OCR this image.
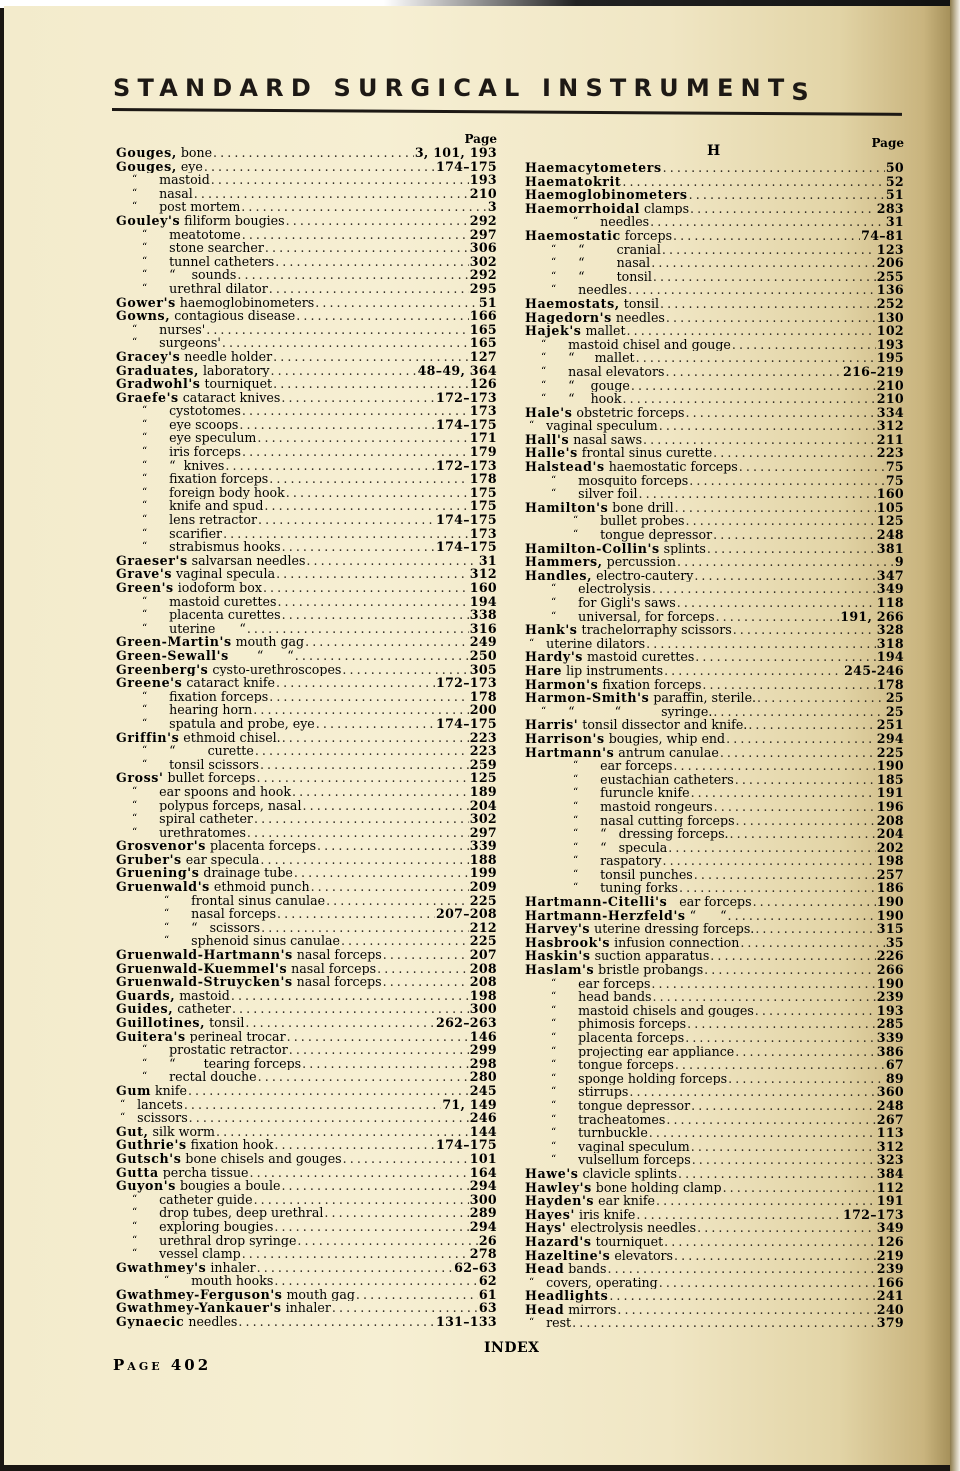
STANDARD SURGICAL INSTRUMENTS
Page
Gouges, bone .....	3, 101, 193
Gouges, eye .....	174–175
“ mastoid .....	193
“ nasal .....	210
“ post mortem .....	3
Gouley's filiform bougies .....	292
“ meatotome .....	297
“ stone searcher .....	306
“ tunnel catheters .....	302
“ “    sounds .....	292
“ urethral dilator .....	295
Gower's haemoglobinometers .....	51
Gowns, contagious disease .....	166
“ nurses' .....	165
“ surgeons' .....	165
Gracey's needle holder .....	127
Graduates, laboratory .....	48–49, 364
Gradwohl's tourniquet .....	126
Graefe's cataract knives .....	172–173
“ cystotomes .....	173
“ eye scoops .....	174–175
“ eye speculum .....	171
“ iris forceps .....	179
“ “  knives .....	172–173
“ fixation forceps .....	178
“ foreign body hook .....	175
“ knife and spud .....	175
“ lens retractor .....	174–175
“ scarifier .....	173
“ strabismus hooks .....	174–175
Graeser's salvarsan needles .....	31
Grave's vaginal specula .....	312
Green's iodoform box .....	160
“ mastoid curettes .....	194
“ placenta curettes .....	338
“ uterine      “ .....	316
Green-Martin's mouth gag .....	249
Green-Sewall's       “      “ .....	250
Greenberg's cysto-urethroscopes .....	305
Greene's cataract knife .....	172–173
“ fixation forceps .....	178
“ hearing horn .....	200
“ spatula and probe, eye .....	174–175
Griffin's ethmoid chisel. .....	223
“ “        curette .....	223
“ tonsil scissors .....	259
Gross' bullet forceps .....	125
“ ear spoons and hook .....	189
“ polypus forceps, nasal .....	204
“ spiral catheter .....	302
“ urethratomes .....	297
Grosvenor's placenta forceps .....	339
Gruber's ear specula .....	188
Gruening's drainage tube .....	199
Gruenwald's ethmoid punch .....	209
“ frontal sinus canulae .....	225
“ nasal forceps .....	207–208
“ “   scissors .....	212
“ sphenoid sinus canulae .....	225
Gruenwald-Hartmann's nasal forceps .....	207
Gruenwald-Kuemmel's nasal forceps .....	208
Gruenwald-Struycken's nasal forceps .....	208
Guards, mastoid .....	198
Guides, catheter .....	300
Guillotines, tonsil .....	262–263
Guitera's perineal trocar .....	146
“ prostatic retractor .....	299
“ “       tearing forceps .....	298
“ rectal douche .....	280
Gum knife .....	245
“ lancets .....	71, 149
“ scissors .....	246
Gut, silk worm .....	144
Guthrie's fixation hook .....	174–175
Gutsch's bone chisels and gouges .....	101
Gutta percha tissue .....	164
Guyon's bougies a boule .....	294
“ catheter guide .....	300
“ drop tubes, deep urethral .....	289
“ exploring bougies .....	294
“ urethral drop syringe .....	26
“ vessel clamp .....	278
Gwathmey's inhaler .....	62–63
“ mouth hooks .....	62
Gwathmey-Ferguson's mouth gag .....	61
Gwathmey-Yankauer's inhaler .....	63
Gynaecic needles .....	131–133
H	Page
Haemacytometers .....	50
Haematokrit .....	52
Haemoglobinometers .....	51
Haemorrhoidal clamps .....	283
“ needles .....	31
Haemostatic forceps .....	74–81
“ “        cranial .....	123
“ “        nasal .....	206
“ “        tonsil .....	255
“ needles .....	136
Haemostats, tonsil .....	252
Hagedorn's needles .....	130
Hajek's mallet .....	102
“ mastoid chisel and gouge .....	193
“ “     mallet .....	195
“ nasal elevators .....	216–219
“ “    gouge .....	210
“ “    hook .....	210
Hale's obstetric forceps .....	334
“ vaginal speculum .....	312
Hall's nasal saws .....	211
Halle's frontal sinus curette .....	223
Halstead's haemostatic forceps .....	75
“ mosquito forceps .....	75
“ silver foil .....	160
Hamilton's bone drill .....	105
“ bullet probes .....	125
“ tongue depressor .....	248
Hamilton-Collin's splints .....	381
Hammers, percussion .....	9
Handles, electro-cautery .....	347
“ electrolysis .....	349
“ for Gigli's saws .....	118
“ universal, for forceps .....	191, 266
Hank's trachelorraphy scissors .....	328
“ uterine dilators .....	318
Hardy's mastoid curettes .....	194
Hare lip instruments .....	245-246
Harmon's fixation forceps .....	178
Harmon-Smith's paraffin, sterile. .....	25
“ “          “          syringe. .....	25
Harris' tonsil dissector and knife. .....	251
Harrison's bougies, whip end .....	294
Hartmann's antrum canulae .....	225
“ ear forceps .....	190
“ eustachian catheters .....	185
“ furuncle knife .....	191
“ mastoid rongeurs .....	196
“ nasal cutting forceps .....	208
“ “   dressing forceps. .....	204
“ “   specula .....	202
“ raspatory .....	198
“ tonsil punches .....	257
“ tuning forks .....	186
Hartmann-Citelli's   ear forceps .....	190
Hartmann-Herzfeld's “      “ .....	190
Harvey's uterine dressing forceps. .....	315
Hasbrook's infusion connection .....	35
Haskin's suction apparatus .....	226
Haslam's bristle probangs .....	266
“ ear forceps .....	190
“ head bands .....	239
“ mastoid chisels and gouges .....	193
“ phimosis forceps .....	285
“ placenta forceps .....	339
“ projecting ear appliance .....	386
“ tongue forceps .....	67
“ sponge holding forceps .....	89
“ stirrups .....	360
“ tongue depressor .....	248
“ tracheatomes .....	267
“ turnbuckle .....	113
“ vaginal speculum .....	312
“ vulsellum forceps .....	323
Hawe's clavicle splints .....	384
Hawley's bone holding clamp .....	112
Hayden's ear knife .....	191
Hayes' iris knife .....	172–173
Hays' electrolysis needles .....	349
Hazard's tourniquet .....	126
Hazeltine's elevators .....	219
Head bands .....	239
“ covers, operating .....	166
Headlights .....	241
Head mirrors .....	240
“ rest .....	379
INDEX
Page 402
